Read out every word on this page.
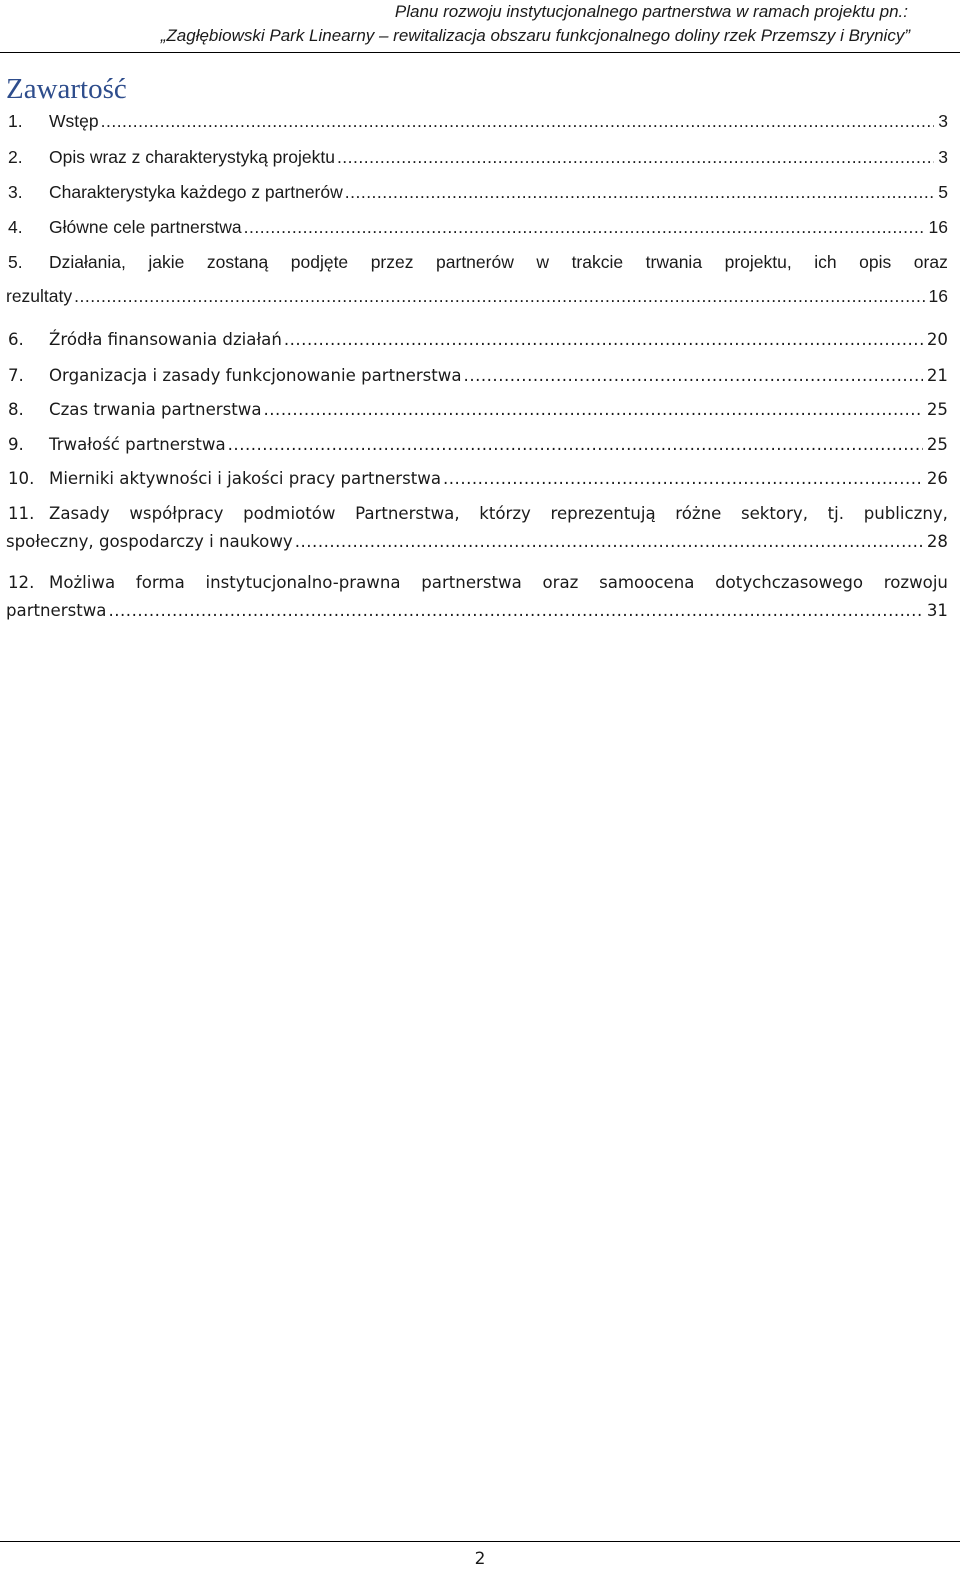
Planu rozwoju instytucjonalnego partnerstwa w ramach projektu pn.:
„Zagłębiowski Park Linearny – rewitalizacja obszaru funkcjonalnego doliny rzek Przemszy i Brynicy”
Zawartość
1.	Wstęp .....	3
2.	Opis wraz z charakterystyką projektu .....	3
3.	Charakterystyka każdego z partnerów .....	5
4.	Główne cele partnerstwa .....	16
5.	Działania, jakie zostaną podjęte przez partnerów w trakcie trwania projektu, ich opis oraz
rezultaty .....	16
6.	Źródła finansowania działań .....	20
7.	Organizacja i zasady funkcjonowanie partnerstwa .....	21
8.	Czas trwania partnerstwa .....	25
9.	Trwałość partnerstwa .....	25
10. Mierniki aktywności i jakości pracy partnerstwa .....	26
11. Zasady współpracy podmiotów Partnerstwa, którzy reprezentują różne sektory, tj. publiczny,
społeczny, gospodarczy i naukowy .....	28
12. Możliwa forma instytucjonalno-prawna partnerstwa oraz samoocena dotychczasowego rozwoju
partnerstwa .....	31
2
